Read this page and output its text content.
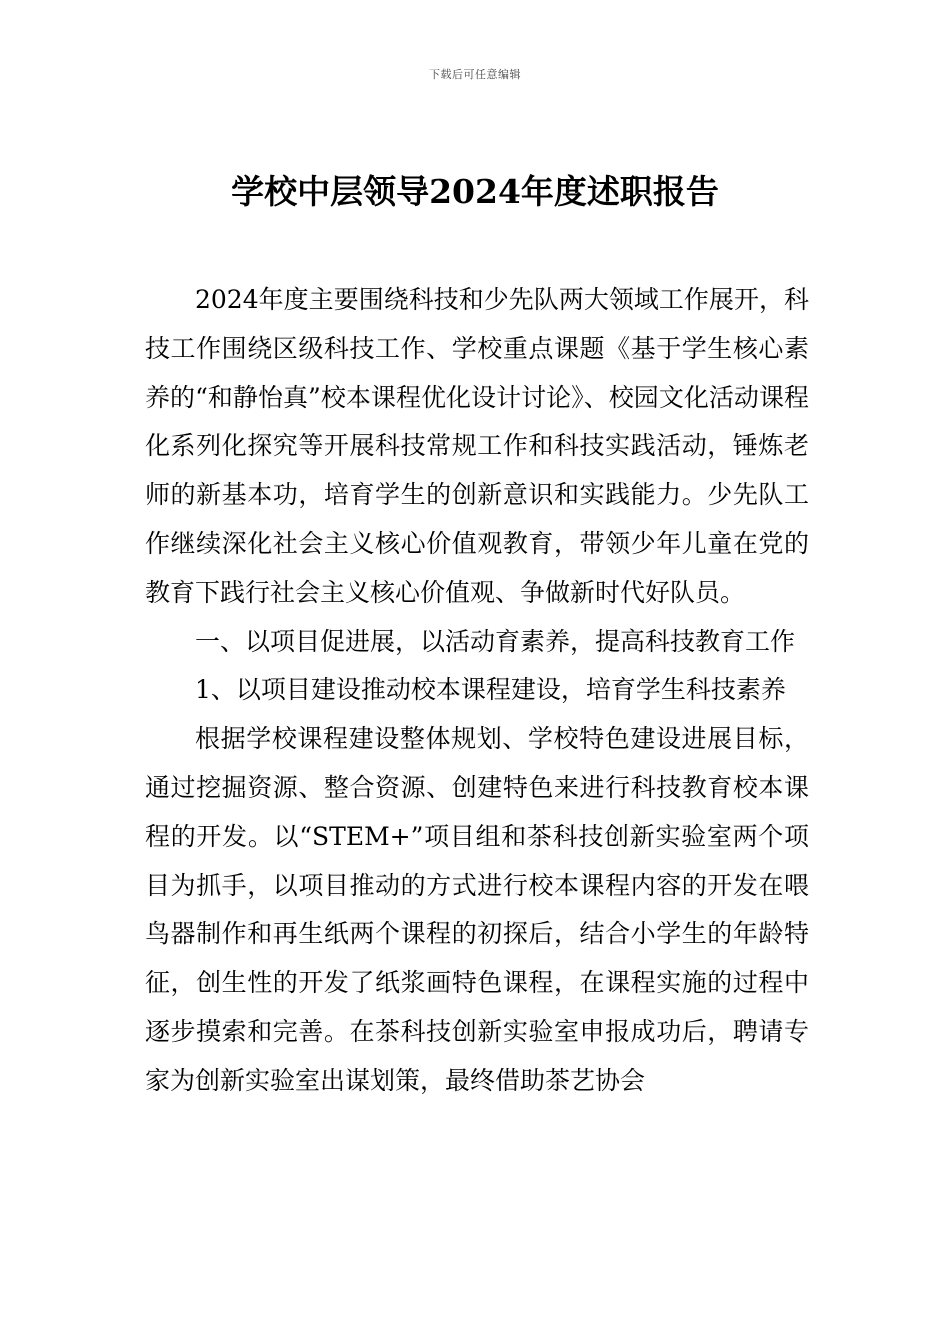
下载后可任意编辑
学校中层领导2024年度述职报告

2024年度主要围绕科技和少先队两大领域工作展开，科技工作围绕区级科技工作、学校重点课题《基于学生核心素养的“和静怡真”校本课程优化设计讨论》、校园文化活动课程化系列化探究等开展科技常规工作和科技实践活动，锤炼老师的新基本功，培育学生的创新意识和实践能力。少先队工作继续深化社会主义核心价值观教育，带领少年儿童在党的教育下践行社会主义核心价值观、争做新时代好队员。

一、以项目促进展，以活动育素养，提高科技教育工作

1、以项目建设推动校本课程建设，培育学生科技素养

根据学校课程建设整体规划、学校特色建设进展目标，通过挖掘资源、整合资源、创建特色来进行科技教育校本课程的开发。以“STEM+”项目组和茶科技创新实验室两个项目为抓手，以项目推动的方式进行校本课程内容的开发在喂鸟器制作和再生纸两个课程的初探后，结合小学生的年龄特征，创生性的开发了纸浆画特色课程，在课程实施的过程中逐步摸索和完善。在茶科技创新实验室申报成功后，聘请专家为创新实验室出谋划策，最终借助茶艺协会
